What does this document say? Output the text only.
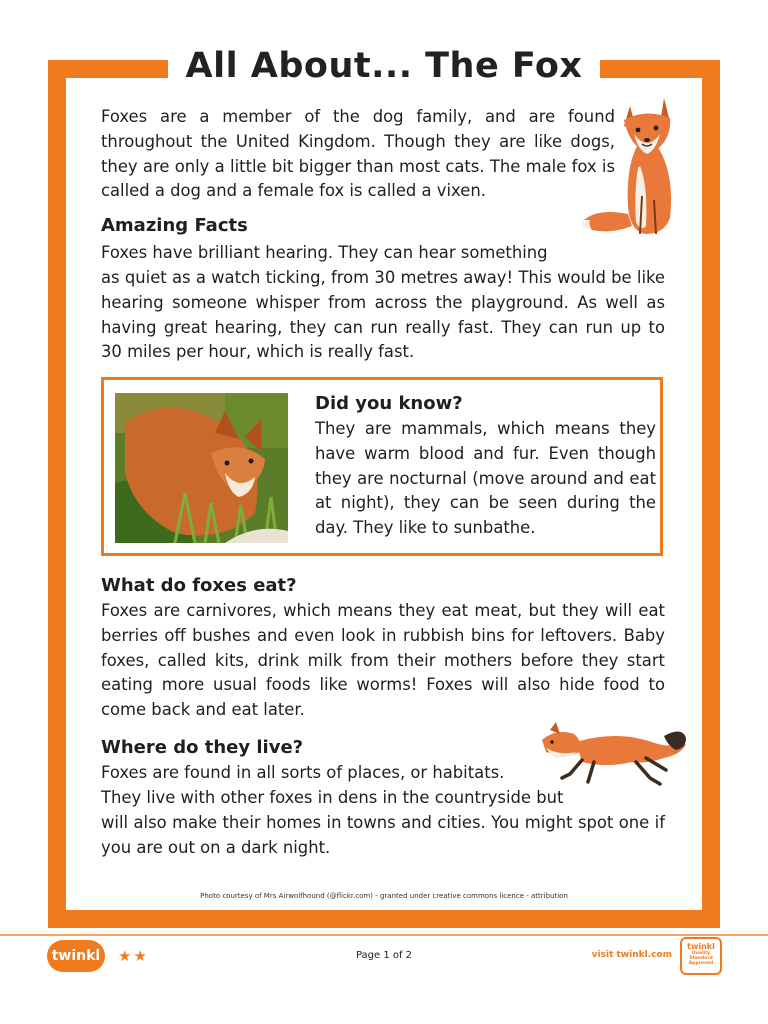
All About... The Fox

Foxes are a member of the dog family, and are found throughout the United Kingdom. Though they are like dogs, they are only a little bit bigger than most cats. The male fox is called a dog and a female fox is called a vixen.

Amazing Facts

Foxes have brilliant hearing. They can hear something

as quiet as a watch ticking, from 30 metres away! This would be like hearing someone whisper from across the playground. As well as having great hearing, they can run really fast. They can run up to 30 miles per hour, which is really fast.

Did you know?

They are mammals, which means they have warm blood and fur. Even though they are nocturnal (move around and eat at night), they can be seen during the day. They like to sunbathe.

What do foxes eat?

Foxes are carnivores, which means they eat meat, but they will eat berries off bushes and even look in rubbish bins for leftovers. Baby foxes, called kits, drink milk from their mothers before they start eating more usual foods like worms! Foxes will also hide food to come back and eat later.

Where do they live?

Foxes are found in all sorts of places, or habitats.

They live with other foxes in dens in the countryside but

will also make their homes in towns and cities. You might spot one if you are out on a dark night.

Photo courtesy of Mrs Airwolfhound (@flickr.com) - granted under creative commons licence - attribution

twinkl	★★	Page 1 of 2	visit twinkl.com
twinkl
Quality Standard Approved
